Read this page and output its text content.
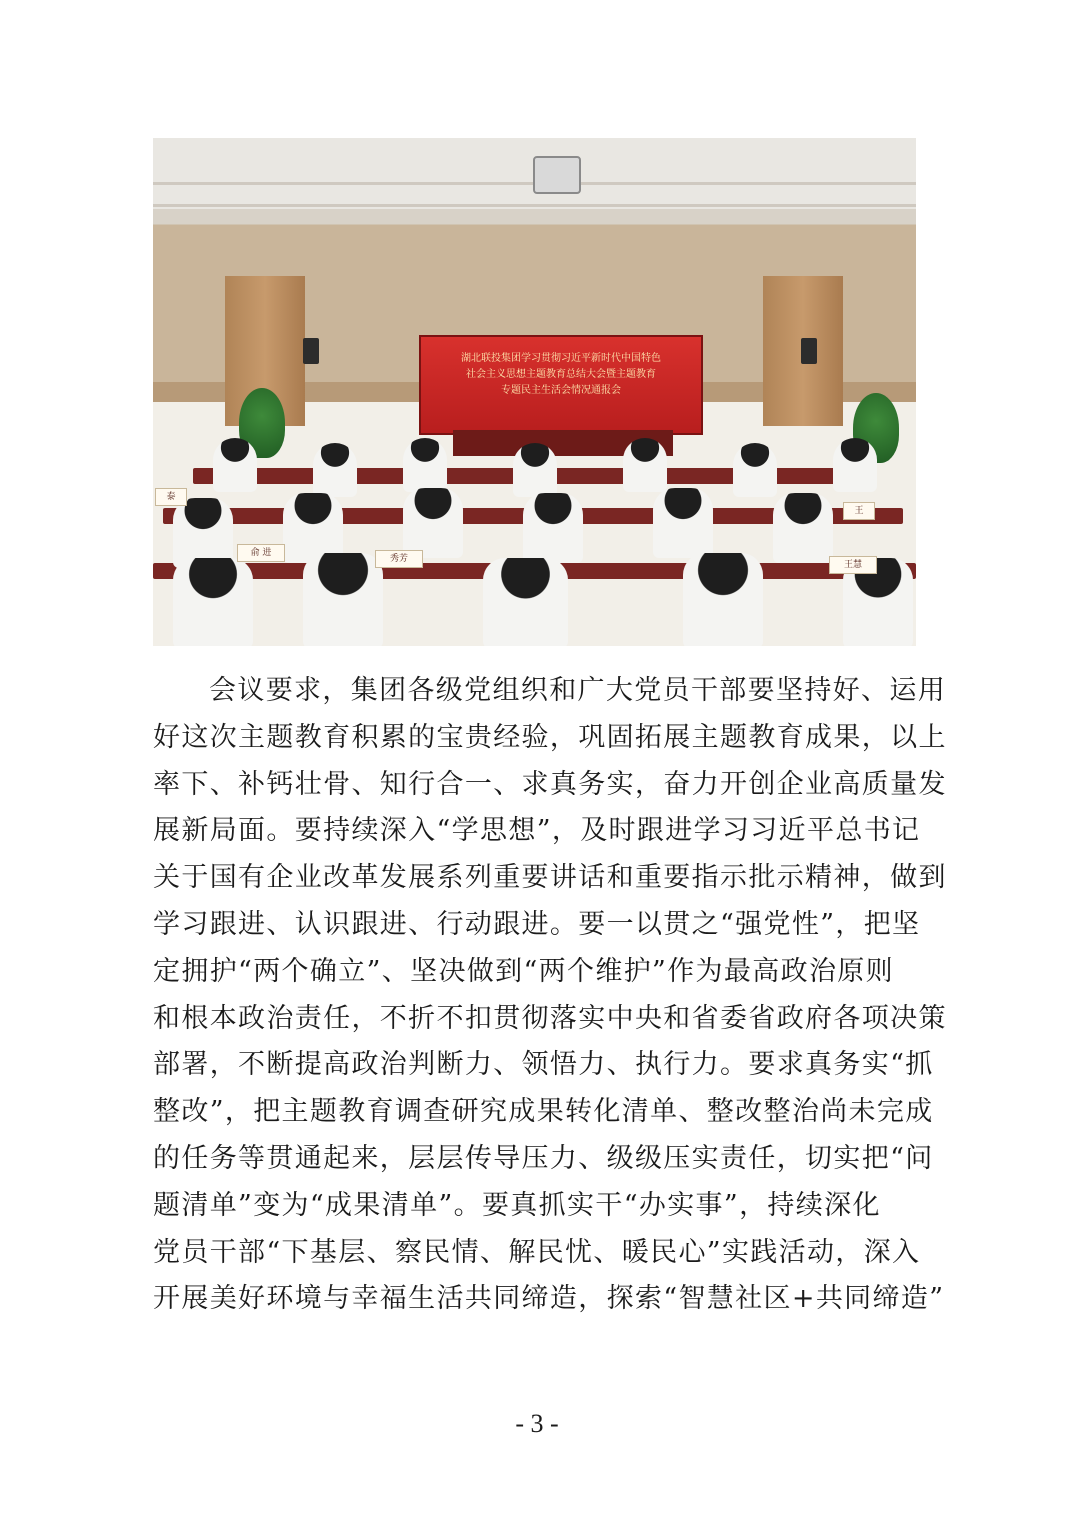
湖北联投集团学习贯彻习近平新时代中国特色
社会主义思想主题教育总结大会暨主题教育
专题民主生活会情况通报会
俞 进
秀芳
王慧
泰
王
会议要求，集团各级党组织和广大党员干部要坚持好、运用
好这次主题教育积累的宝贵经验，巩固拓展主题教育成果，以上
率下、补钙壮骨、知行合一、求真务实，奋力开创企业高质量发
展新局面。要持续深入“学思想”，及时跟进学习习近平总书记
关于国有企业改革发展系列重要讲话和重要指示批示精神，做到
学习跟进、认识跟进、行动跟进。要一以贯之“强党性”，把坚
定拥护“两个确立”、坚决做到“两个维护”作为最高政治原则
和根本政治责任，不折不扣贯彻落实中央和省委省政府各项决策
部署，不断提高政治判断力、领悟力、执行力。要求真务实“抓
整改”，把主题教育调查研究成果转化清单、整改整治尚未完成
的任务等贯通起来，层层传导压力、级级压实责任，切实把“问
题清单”变为“成果清单”。要真抓实干“办实事”，持续深化
党员干部“下基层、察民情、解民忧、暖民心”实践活动，深入
开展美好环境与幸福生活共同缔造，探索“智慧社区+共同缔造”
- 3 -
